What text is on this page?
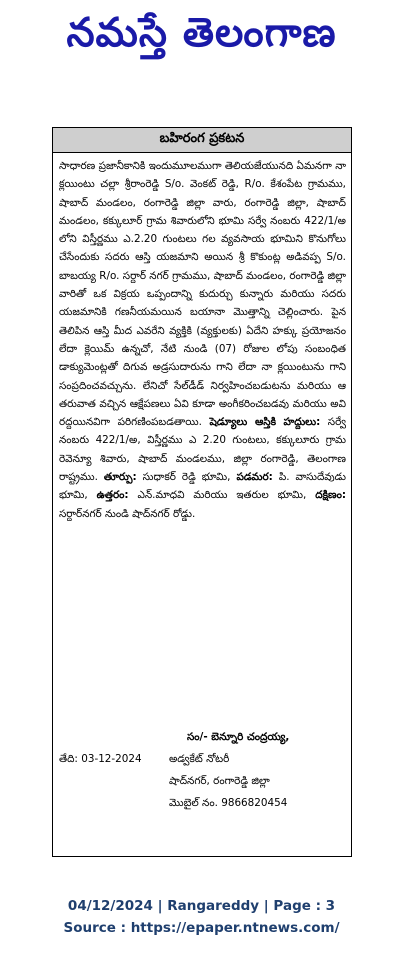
నమస్తే తెలంగాణ
బహిరంగ ప్రకటన

సాధారణ ప్రజానీకానికి ఇందుమూలముగా తెలియజేయునది ఏమనగా నా క్లయింటు చల్లా శ్రీరాంరెడ్డి S/o. వెంకట్ రెడ్డి, R/o. కేశంపేట గ్రామము, షాబాద్ మండలం, రంగారెడ్డి జిల్లా వారు, రంగారెడ్డి జిల్లా, షాబాద్ మండలం, కక్కులూర్ గ్రామ శివారులోని భూమి సర్వే నంబరు 422/1/అ లోని విస్తీర్ణము ఎ.2.20 గుంటలు గల వ్యవసాయ భూమిని కొనుగోలు చేసేందుకు సదరు ఆస్తి యజమాని అయిన శ్రీ కొకుంట్ల అడివప్ప S/o. బాబయ్య R/o. సర్దార్ నగర్ గ్రామము, షాబాద్ మండలం, రంగారెడ్డి జిల్లా వారితో ఒక విక్రయ ఒప్పందాన్ని కుదుర్చు కున్నారు మరియు సదరు యజమానికి గణనీయమయిన బయానా మొత్తాన్ని చెల్లించారు. పైన తెలిపిన ఆస్తి మీద ఎవరేని వ్యక్తికి (వ్యక్తులకు) ఏదేని హక్కు ప్రయోజనం లేదా క్లెయిమ్ ఉన్నచో, నేటి నుండి (07) రోజుల లోపు సంబంధిత డాక్యుమెంట్లతో దిగువ అడ్రసుదారును గాని లేదా నా క్లయింటును గాని సంప్రదించవచ్చును. లేనిచో సేల్‌డీడ్ నిర్వహించబడుటను మరియు ఆ తరువాత వచ్చిన ఆక్షేపణలు ఏవి కూడా అంగీకరించబడవు మరియు అవి రద్దయినవిగా పరిగణింపబడతాయి. షెడ్యూలు ఆస్తికి హద్దులు: సర్వే నంబరు 422/1/అ, విస్తీర్ణము ఎ 2.20 గుంటలు, కక్కులూరు గ్రామ రెవెన్యూ శివారు, షాబాద్ మండలము, జిల్లా రంగారెడ్డి, తెలంగాణ రాష్ట్రము. తూర్పు: సుధాకర్ రెడ్డి భూమి, పడమర: పి. వాసుదేవుడు భూమి, ఉత్తరం: ఎన్.మాధవి మరియు ఇతరుల భూమి, దక్షిణం: సర్దార్‌నగర్ నుండి షాద్‌నగర్ రోడ్డు.

సం/- బెన్నూరి చంద్రయ్య,
తేది: 03-12-2024	అడ్వకేట్ నోటరీ
షాద్‌నగర్, రంగారెడ్డి జిల్లా
మొబైల్ నం. 9866820454
04/12/2024 | Rangareddy | Page : 3
Source : https://epaper.ntnews.com/
